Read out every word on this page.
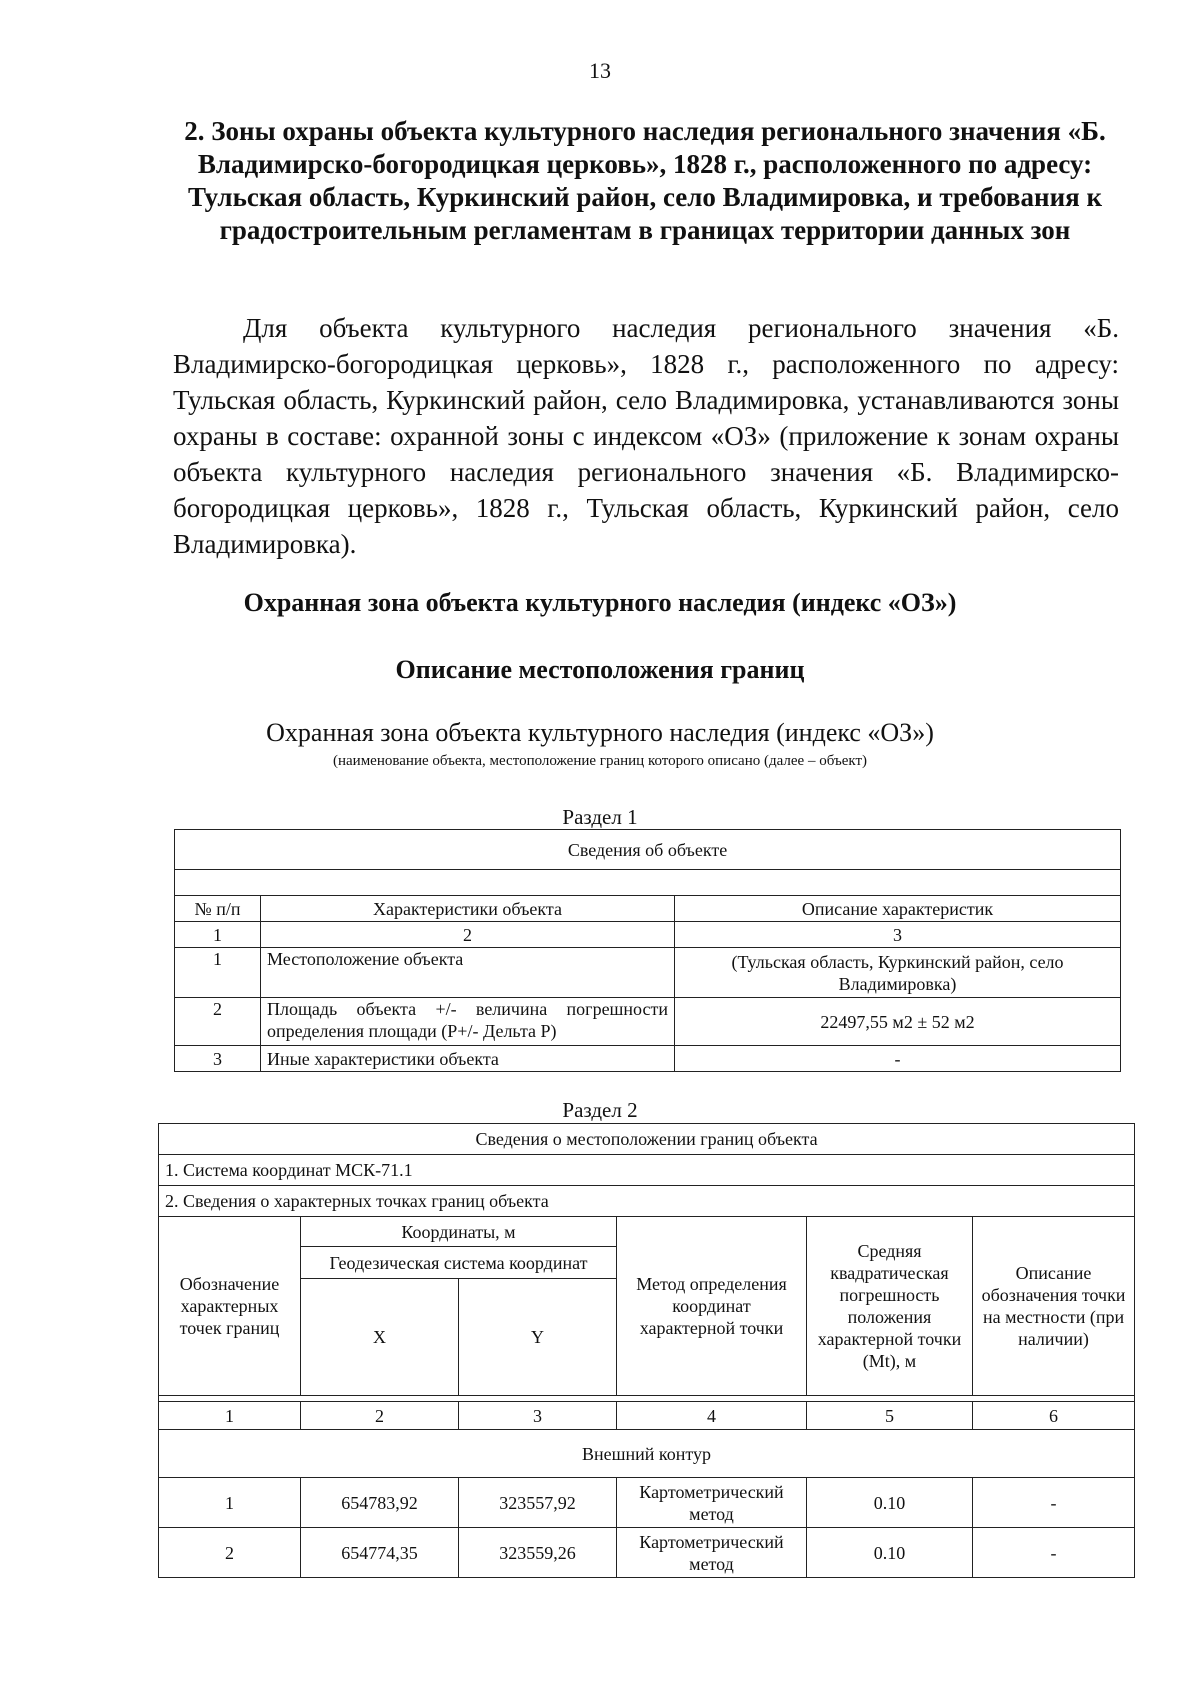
13
2. Зоны охраны объекта культурного наследия регионального значения «Б. Владимирско-богородицкая церковь», 1828 г., расположенного по адресу: Тульская область, Куркинский район, село Владимировка, и требования к градостроительным регламентам в границах территории данных зон
Для объекта культурного наследия регионального значения «Б. Владимирско-богородицкая церковь», 1828 г., расположенного по адресу: Тульская область, Куркинский район, село Владимировка, устанавливаются зоны охраны в составе: охранной зоны с индексом «ОЗ» (приложение к зонам охраны объекта культурного наследия регионального значения «Б. Владимирско-богородицкая церковь», 1828 г., Тульская область, Куркинский район, село Владимировка).
Охранная зона объекта культурного наследия (индекс «ОЗ»)
Описание местоположения границ
Охранная зона объекта культурного наследия (индекс «ОЗ»)
(наименование объекта, местоположение границ которого описано (далее – объект)
Раздел 1
Сведения об объекте		

№ п/п	Характеристики объекта	Описание характеристик
1	2	3
1	Местоположение объекта	(Тульская область, Куркинский район, село Владимировка)
2	Площадь объекта +/- величина погрешности определения площади (Р+/- Дельта Р)	22497,55 м2 ± 52 м2
3	Иные характеристики объекта	-
Раздел 2
Сведения о местоположении границ объекта					
1. Система координат МСК-71.1					
2. Сведения о характерных точках границ объекта					
Обозначение характерных точек границ	Координаты, м		Метод определения координат характерной точки	Средняя квадратическая погрешность положения характерной точки (Mt), м	Описание обозначения точки на местности (при наличии)
	Геодезическая система координат				
	X	Y			

1	2	3	4	5	6
Внешний контур					
1	654783,92	323557,92	Картометрический метод	0.10	-
2	654774,35	323559,26	Картометрический метод	0.10	-
